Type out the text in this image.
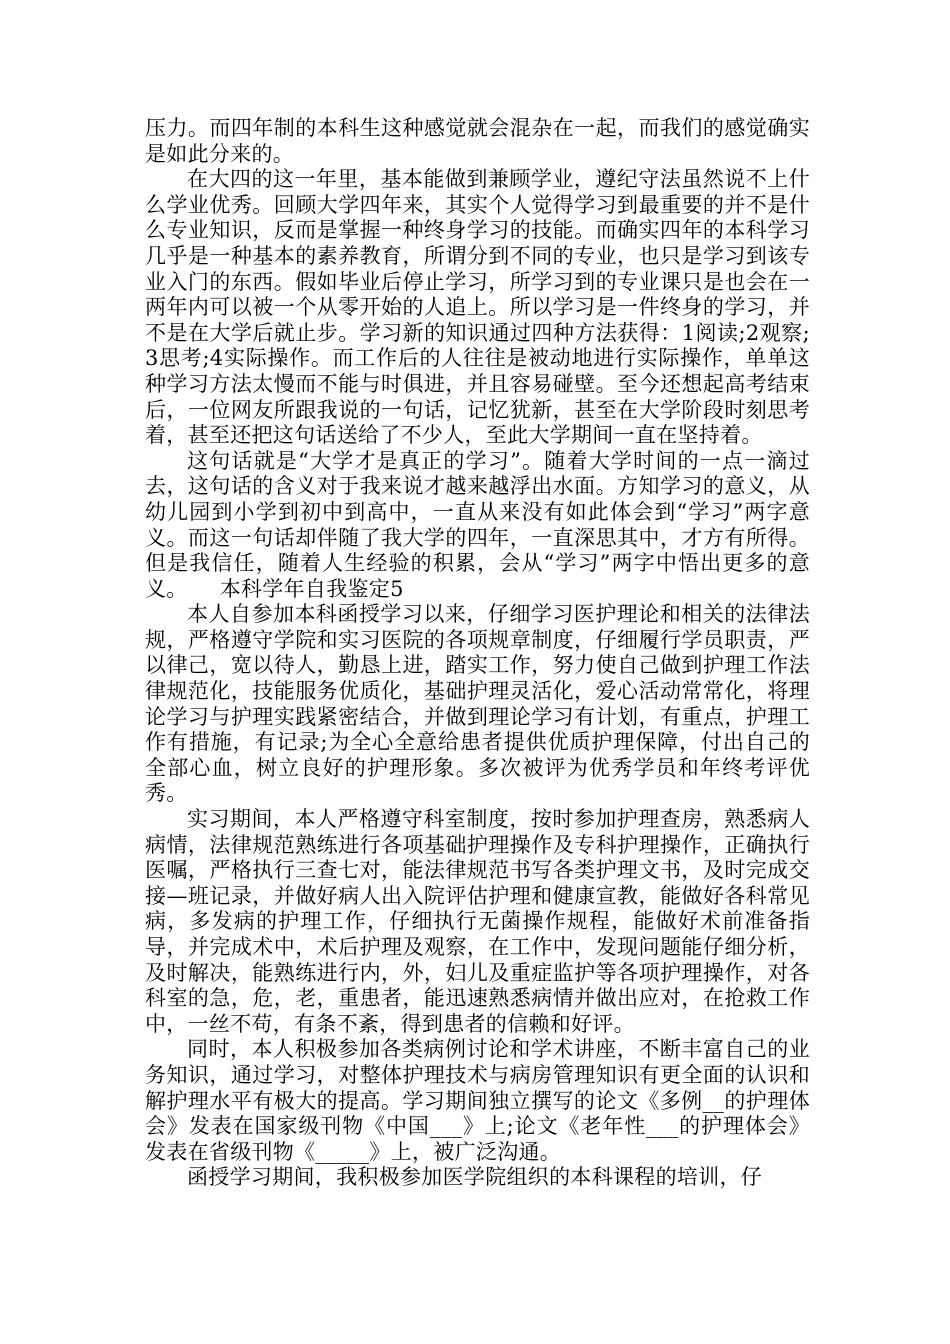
压力。而四年制的本科生这种感觉就会混杂在一起，而我们的感觉确实是如此分来的。

在大四的这一年里，基本能做到兼顾学业，遵纪守法虽然说不上什么学业优秀。回顾大学四年来，其实个人觉得学习到最重要的并不是什么专业知识，反而是掌握一种终身学习的技能。而确实四年的本科学习几乎是一种基本的素养教育，所谓分到不同的专业，也只是学习到该专业入门的东西。假如毕业后停止学习，所学习到的专业课只是也会在一两年内可以被一个从零开始的人追上。所以学习是一件终身的学习，并不是在大学后就止步。学习新的知识通过四种方法获得：1阅读;2观察;3思考;4实际操作。而工作后的人往往是被动地进行实际操作，单单这种学习方法太慢而不能与时俱进，并且容易碰壁。至今还想起高考结束后，一位网友所跟我说的一句话，记忆犹新，甚至在大学阶段时刻思考着，甚至还把这句话送给了不少人，至此大学期间一直在坚持着。

这句话就是“大学才是真正的学习”。随着大学时间的一点一滴过去，这句话的含义对于我来说才越来越浮出水面。方知学习的意义，从幼儿园到小学到初中到高中，一直从来没有如此体会到“学习”两字意义。而这一句话却伴随了我大学的四年，一直深思其中，才方有所得。但是我信任，随着人生经验的积累，会从“学习”两字中悟出更多的意义。　　本科学年自我鉴定5

本人自参加本科函授学习以来，仔细学习医护理论和相关的法律法规，严格遵守学院和实习医院的各项规章制度，仔细履行学员职责，严以律己，宽以待人，勤恳上进，踏实工作，努力使自己做到护理工作法律规范化，技能服务优质化，基础护理灵活化，爱心活动常常化，将理论学习与护理实践紧密结合，并做到理论学习有计划，有重点，护理工作有措施，有记录;为全心全意给患者提供优质护理保障，付出自己的全部心血，树立良好的护理形象。多次被评为优秀学员和年终考评优秀。

实习期间，本人严格遵守科室制度，按时参加护理查房，熟悉病人病情，法律规范熟练进行各项基础护理操作及专科护理操作，正确执行医嘱，严格执行三查七对，能法律规范书写各类护理文书，及时完成交接—班记录，并做好病人出入院评估护理和健康宣教，能做好各科常见病，多发病的护理工作，仔细执行无菌操作规程，能做好术前准备指导，并完成术中，术后护理及观察，在工作中，发现问题能仔细分析，及时解决，能熟练进行内，外，妇儿及重症监护等各项护理操作，对各科室的急，危，老，重患者，能迅速熟悉病情并做出应对，在抢救工作中，一丝不苟，有条不紊，得到患者的信赖和好评。

同时，本人积极参加各类病例讨论和学术讲座，不断丰富自己的业务知识，通过学习，对整体护理技术与病房管理知识有更全面的认识和解护理水平有极大的提高。学习期间独立撰写的论文《多例__的护理体会》发表在国家级刊物《中国___》上;论文《老年性___的护理体会》发表在省级刊物《_____》上，被广泛沟通。

函授学习期间，我积极参加医学院组织的本科课程的培训，仔
